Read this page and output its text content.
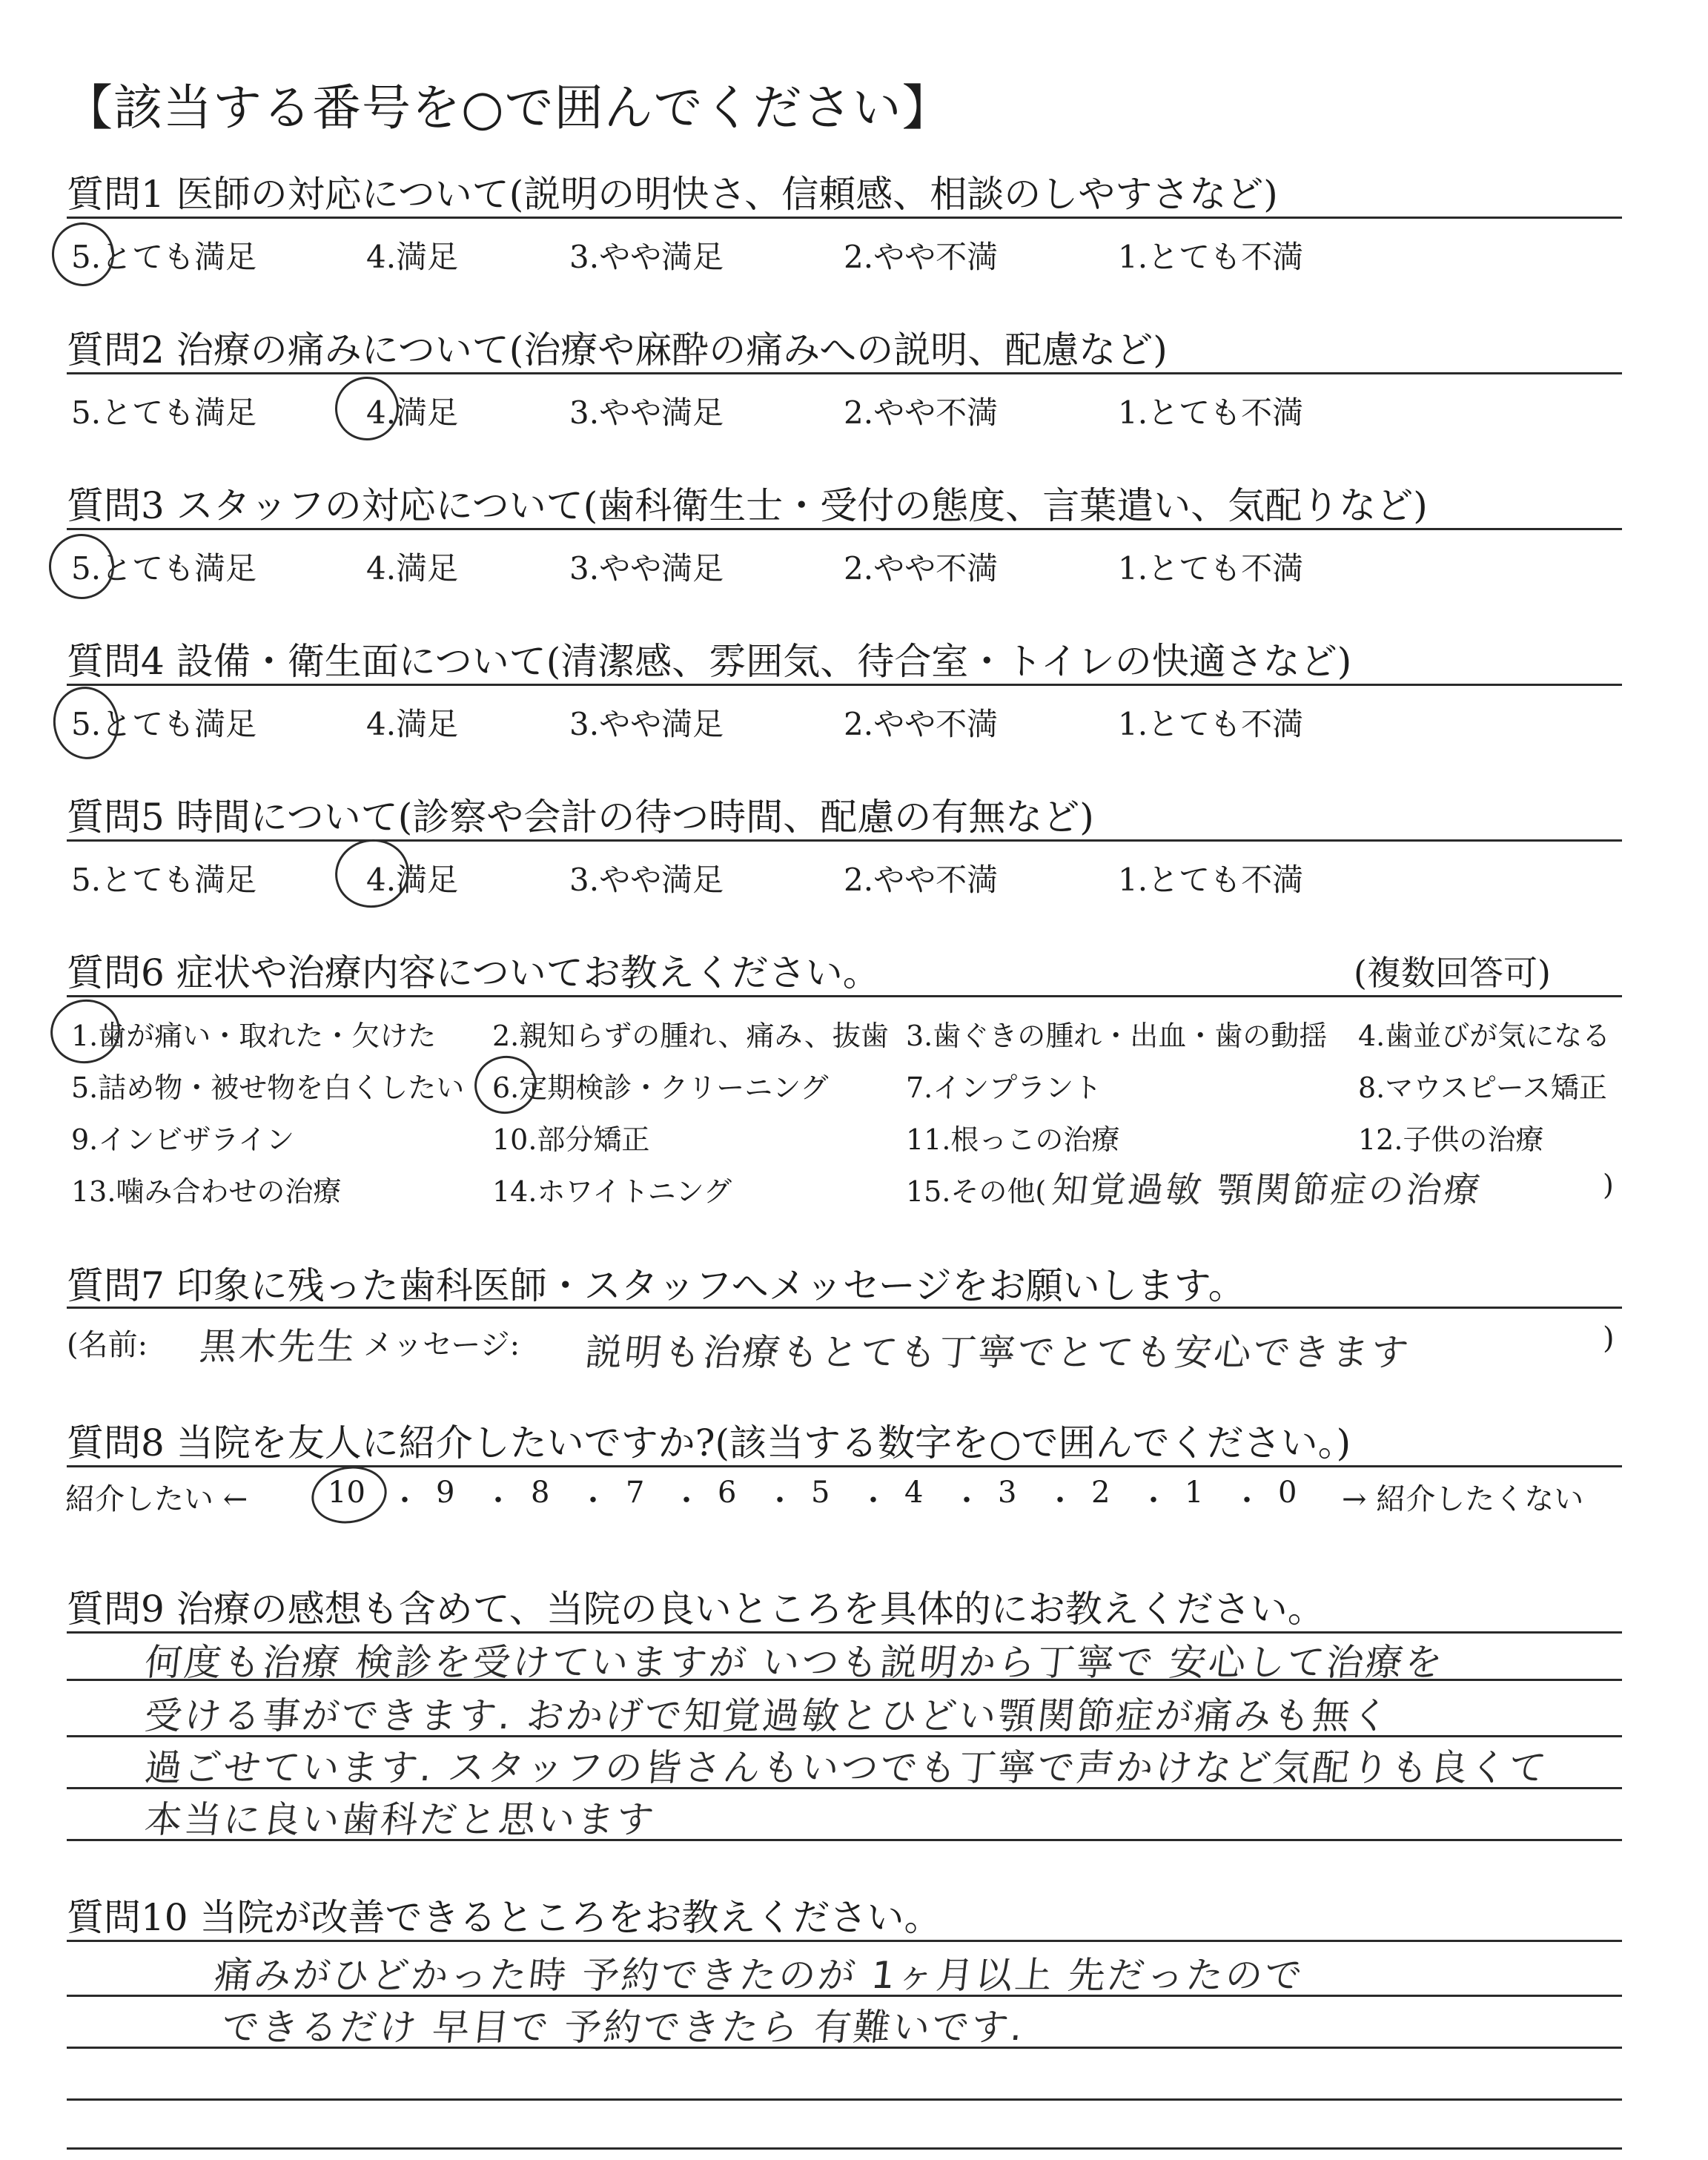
【該当する番号を○で囲んでください】
質問1 医師の対応について(説明の明快さ、信頼感、相談のしやすさなど)
5.とても満足	4.満足	3.やや満足	2.やや不満	1.とても不満
質問2 治療の痛みについて(治療や麻酔の痛みへの説明、配慮など)
5.とても満足	4.満足	3.やや満足	2.やや不満	1.とても不満
質問3 スタッフの対応について(歯科衛生士・受付の態度、言葉遣い、気配りなど)
5.とても満足	4.満足	3.やや満足	2.やや不満	1.とても不満
質問4 設備・衛生面について(清潔感、雰囲気、待合室・トイレの快適さなど)
5.とても満足	4.満足	3.やや満足	2.やや不満	1.とても不満
質問5 時間について(診察や会計の待つ時間、配慮の有無など)
5.とても満足	4.満足	3.やや満足	2.やや不満	1.とても不満
質問6 症状や治療内容についてお教えください。	(複数回答可)
1.歯が痛い・取れた・欠けた 2.親知らずの腫れ、痛み、抜歯 3.歯ぐきの腫れ・出血・歯の動揺 4.歯並びが気になる
5.詰め物・被せ物を白くしたい 6.定期検診・クリーニング	7.インプラント	8.マウスピース矯正
9.インビザライン	10.部分矯正	11.根っこの治療	12.子供の治療
13.噛み合わせの治療	14.ホワイトニング	15.その他( 知覚過敏 顎関節症の治療	)
質問7 印象に残った歯科医師・スタッフへメッセージをお願いします。
(名前: 黒木先生 メッセージ: 説明も治療もとても丁寧でとても安心できます	)
質問8 当院を友人に紹介したいですか?(該当する数字を○で囲んでください。)
紹介したい ←	10 ・ 9 ・ 8 ・ 7 ・ 6 ・ 5 ・ 4 ・ 3 ・ 2 ・ 1 ・ 0 → 紹介したくない
質問9 治療の感想も含めて、当院の良いところを具体的にお教えください。
何度も治療 検診を受けていますが いつも説明から丁寧で 安心して治療を
受ける事ができます. おかげで知覚過敏とひどい顎関節症が痛みも無く
過ごせています. スタッフの皆さんもいつでも丁寧で声かけなど気配りも良くて
本当に良い歯科だと思います
質問10 当院が改善できるところをお教えください。
痛みがひどかった時 予約できたのが 1ヶ月以上 先だったので
できるだけ 早目で 予約できたら 有難いです.
